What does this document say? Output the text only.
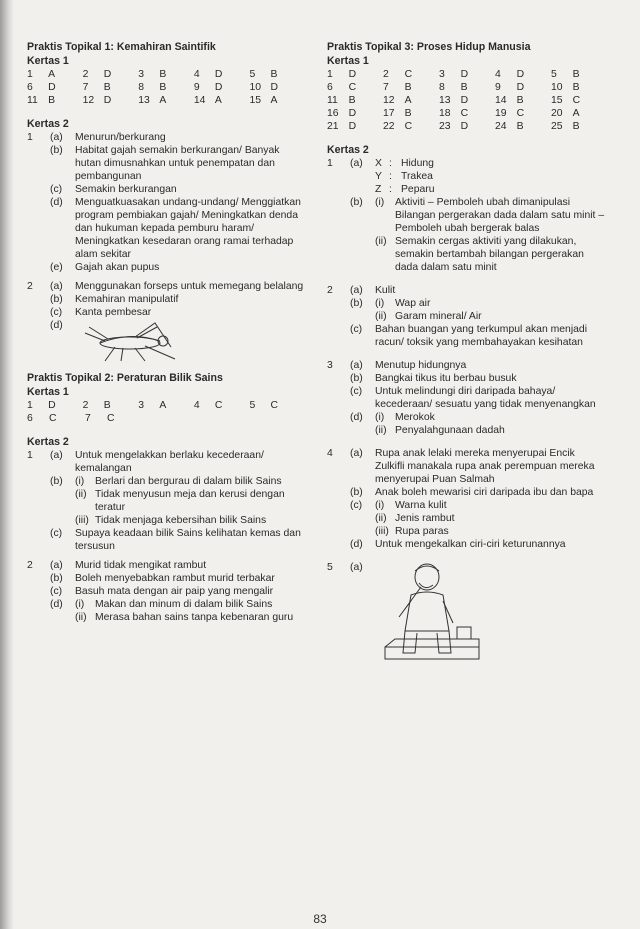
Praktis Topikal 1: Kemahiran Saintifik
Kertas 1
1	A	2	D	3	B	4	D	5	B
6	D	7	B	8	B	9	D	10 D
11 B	12 D	13 A	14 A	15 A
Kertas 2
1	(a)	Menurun/berkurang
(b)	Habitat gajah semakin berkurangan/ Banyak hutan dimusnahkan untuk penempatan dan pembangunan
(c)	Semakin berkurangan
(d)	Menguatkuasakan undang-undang/ Menggiatkan program pembiakan gajah/ Meningkatkan denda dan hukuman kepada pemburu haram/ Meningkatkan kesedaran orang ramai terhadap alam sekitar
(e)	Gajah akan pupus
2	(a)	Menggunakan forseps untuk memegang belalang
(b)	Kemahiran manipulatif
(c)	Kanta pembesar
(d)
Praktis Topikal 2: Peraturan Bilik Sains
Kertas 1
1	D	2	B	3	A	4	C	5	C
6	C	7	C
Kertas 2
1	(a)	Untuk mengelakkan berlaku kecederaan/ kemalangan
(b)	(i)	Berlari dan bergurau di dalam bilik Sains
(ii) Tidak menyusun meja dan kerusi dengan teratur
(iii) Tidak menjaga kebersihan bilik Sains
(c)	Supaya keadaan bilik Sains kelihatan kemas dan tersusun
2	(a)	Murid tidak mengikat rambut
(b)	Boleh menyebabkan rambut murid terbakar
(c)	Basuh mata dengan air paip yang mengalir
(d)	(i)	Makan dan minum di dalam bilik Sains
(ii) Merasa bahan sains tanpa kebenaran guru
Praktis Topikal 3: Proses Hidup Manusia
Kertas 1
1	D	2	C	3	D	4	D	5	B
6	C	7	B	8	B	9	D	10 B
11	B	12 A	13 D	14 B	15 C
16 D	17 B	18 C	19 C	20 A
21 D	22 C	23 D	24 B	25 B
Kertas 2
1	(a)	X : Hidung
Y : Trakea
Z : Peparu
(b)	(i)	Aktiviti – Pemboleh ubah dimanipulasi Bilangan pergerakan dada dalam satu minit – Pemboleh ubah bergerak balas
(ii) Semakin cergas aktiviti yang dilakukan, semakin bertambah bilangan pergerakan dada dalam satu minit
2	(a)	Kulit
(b)	(i)	Wap air
(ii) Garam mineral/ Air
(c)	Bahan buangan yang terkumpul akan menjadi racun/ toksik yang membahayakan kesihatan
3	(a)	Menutup hidungnya
(b)	Bangkai tikus itu berbau busuk
(c)	Untuk melindungi diri daripada bahaya/ kecederaan/ sesuatu yang tidak menyenangkan
(d)	(i)	Merokok
(ii) Penyalahgunaan dadah
4	(a)	Rupa anak lelaki mereka menyerupai Encik Zulkifli manakala rupa anak perempuan mereka menyerupai Puan Salmah
(b)	Anak boleh mewarisi ciri daripada ibu dan bapa
(c)	(i)	Warna kulit
(ii) Jenis rambut
(iii) Rupa paras
(d)	Untuk mengekalkan ciri-ciri keturunannya
5	(a)
83
